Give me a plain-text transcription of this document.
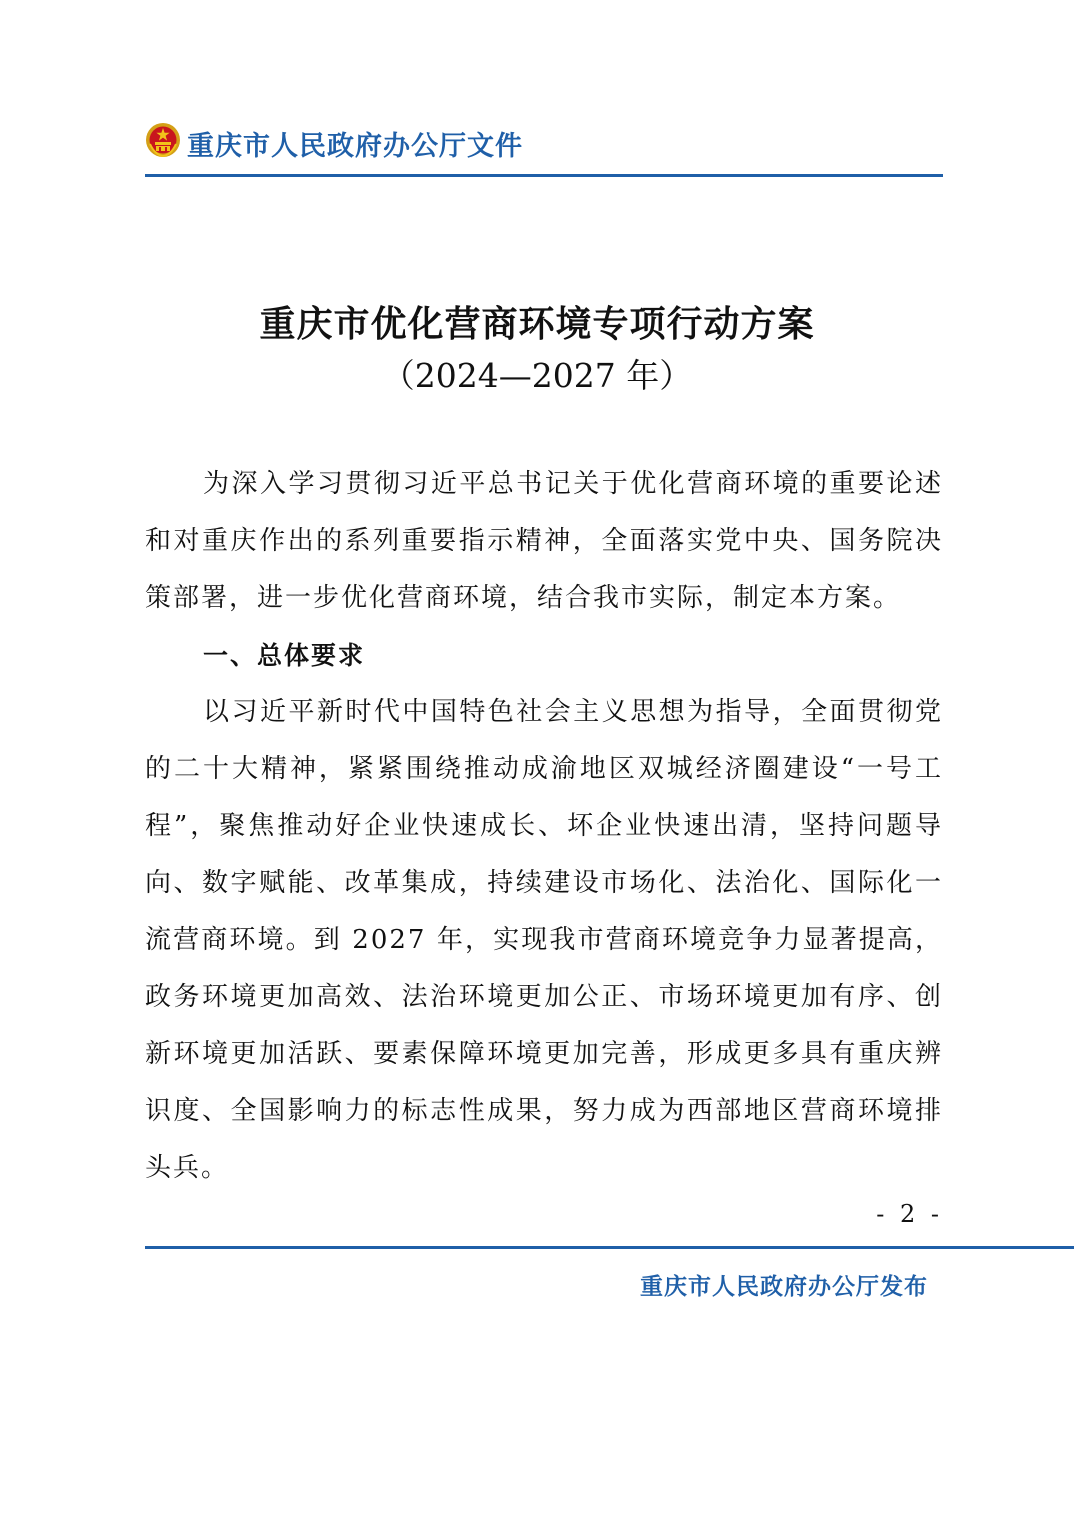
重庆市人民政府办公厅文件
重庆市优化营商环境专项行动方案
（2024—2027 年）

为深入学习贯彻习近平总书记关于优化营商环境的重要论述和对重庆作出的系列重要指示精神，全面落实党中央、国务院决策部署，进一步优化营商环境，结合我市实际，制定本方案。

一、总体要求

以习近平新时代中国特色社会主义思想为指导，全面贯彻党的二十大精神，紧紧围绕推动成渝地区双城经济圈建设“一号工程”，聚焦推动好企业快速成长、坏企业快速出清，坚持问题导向、数字赋能、改革集成，持续建设市场化、法治化、国际化一流营商环境。到 2027 年，实现我市营商环境竞争力显著提高，政务环境更加高效、法治环境更加公正、市场环境更加有序、创新环境更加活跃、要素保障环境更加完善，形成更多具有重庆辨识度、全国影响力的标志性成果，努力成为西部地区营商环境排头兵。

- 2 -
重庆市人民政府办公厅发布
